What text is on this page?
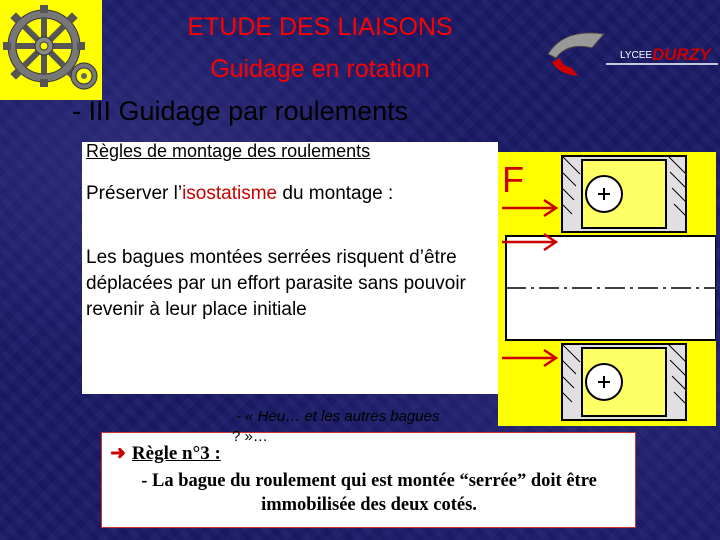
ETUDE DES LIAISONS
Guidage en rotation
- III Guidage par roulements
LYCEE DURZY

Règles de montage des roulements

Préserver l’isostatisme du montage :

Les bagues montées serrées risquent d’être déplacées par un effort parasite sans pouvoir revenir à leur place initiale

F
- « Heu… et les autres bagues
? »…

➜ Règle n°3 :

- La bague du roulement qui est montée “serrée” doit être immobilisée des deux cotés.
